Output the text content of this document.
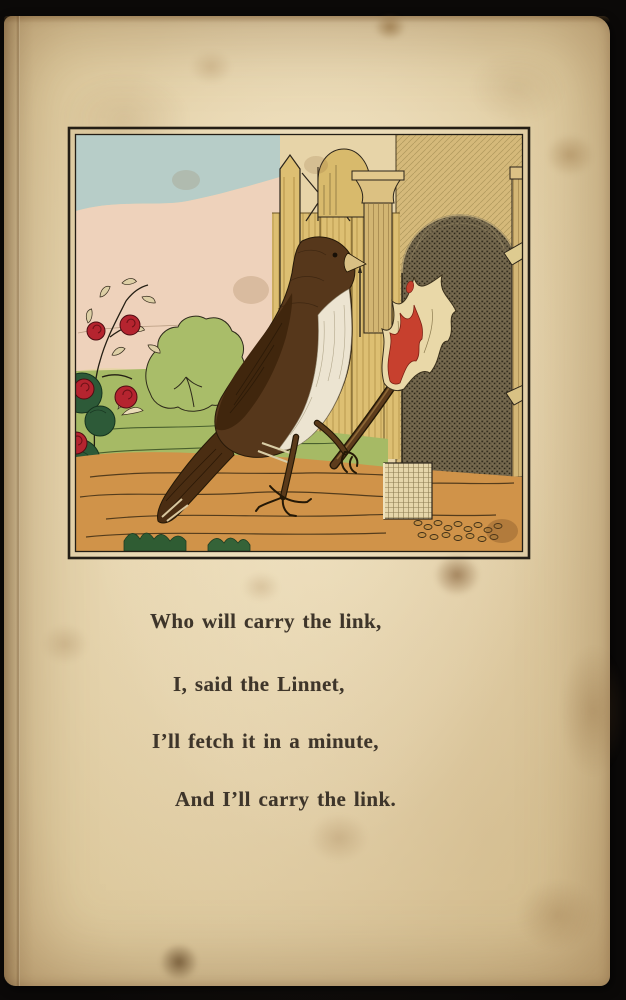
Who will carry the link,

I, said the Linnet,

I’ll fetch it in a minute,

And I’ll carry the link.
